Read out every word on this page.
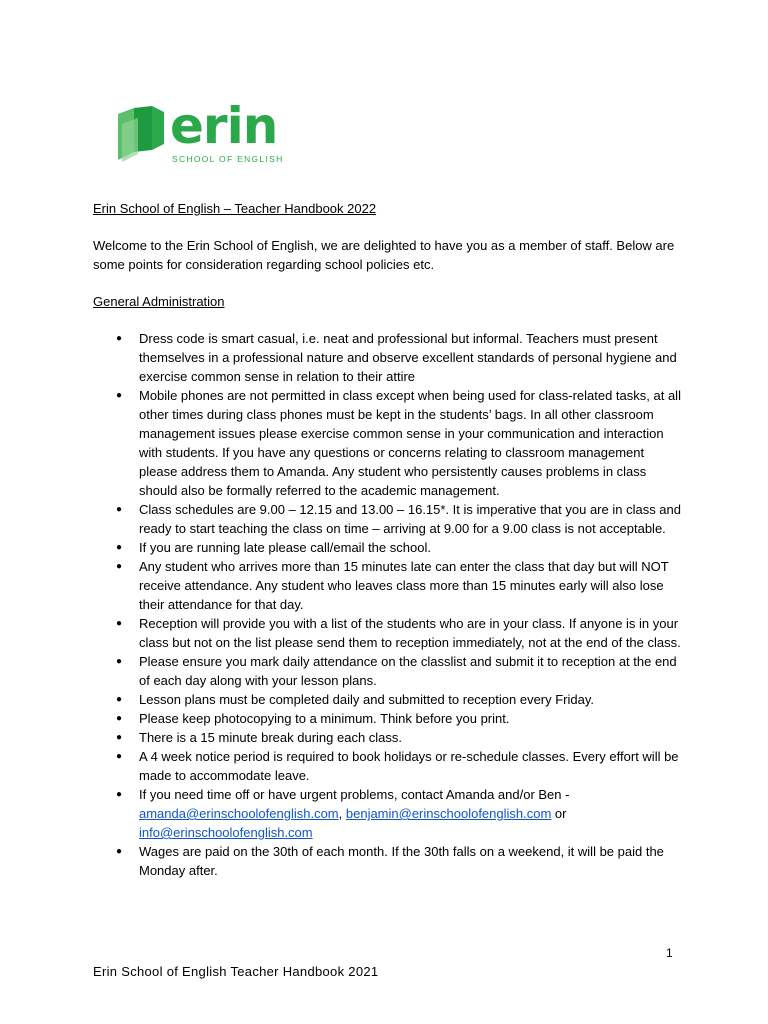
erin
SCHOOL OF ENGLISH

Erin School of English – Teacher Handbook 2022

Welcome to the Erin School of English, we are delighted to have you as a member of staff. Below are some points for consideration regarding school policies etc.

General Administration

● Dress code is smart casual, i.e. neat and professional but informal. Teachers must present themselves in a professional nature and observe excellent standards of personal hygiene and exercise common sense in relation to their attire
● Mobile phones are not permitted in class except when being used for class-related tasks, at all other times during class phones must be kept in the students’ bags. In all other classroom management issues please exercise common sense in your communication and interaction with students. If you have any questions or concerns relating to classroom management please address them to Amanda. Any student who persistently causes problems in class should also be formally referred to the academic management.
● Class schedules are 9.00 – 12.15 and 13.00 – 16.15*. It is imperative that you are in class and ready to start teaching the class on time – arriving at 9.00 for a 9.00 class is not acceptable.
● If you are running late please call/email the school.
● Any student who arrives more than 15 minutes late can enter the class that day but will NOT receive attendance. Any student who leaves class more than 15 minutes early will also lose their attendance for that day.
● Reception will provide you with a list of the students who are in your class. If anyone is in your class but not on the list please send them to reception immediately, not at the end of the class.
● Please ensure you mark daily attendance on the classlist and submit it to reception at the end of each day along with your lesson plans.
● Lesson plans must be completed daily and submitted to reception every Friday.
● Please keep photocopying to a minimum. Think before you print.
● There is a 15 minute break during each class.
● A 4 week notice period is required to book holidays or re-schedule classes. Every effort will be made to accommodate leave.
● If you need time off or have urgent problems, contact Amanda and/or Ben - amanda@erinschoolofenglish.com, benjamin@erinschoolofenglish.com or info@erinschoolofenglish.com
● Wages are paid on the 30th of each month. If the 30th falls on a weekend, it will be paid the Monday after.
1
Erin School of English Teacher Handbook 2021
